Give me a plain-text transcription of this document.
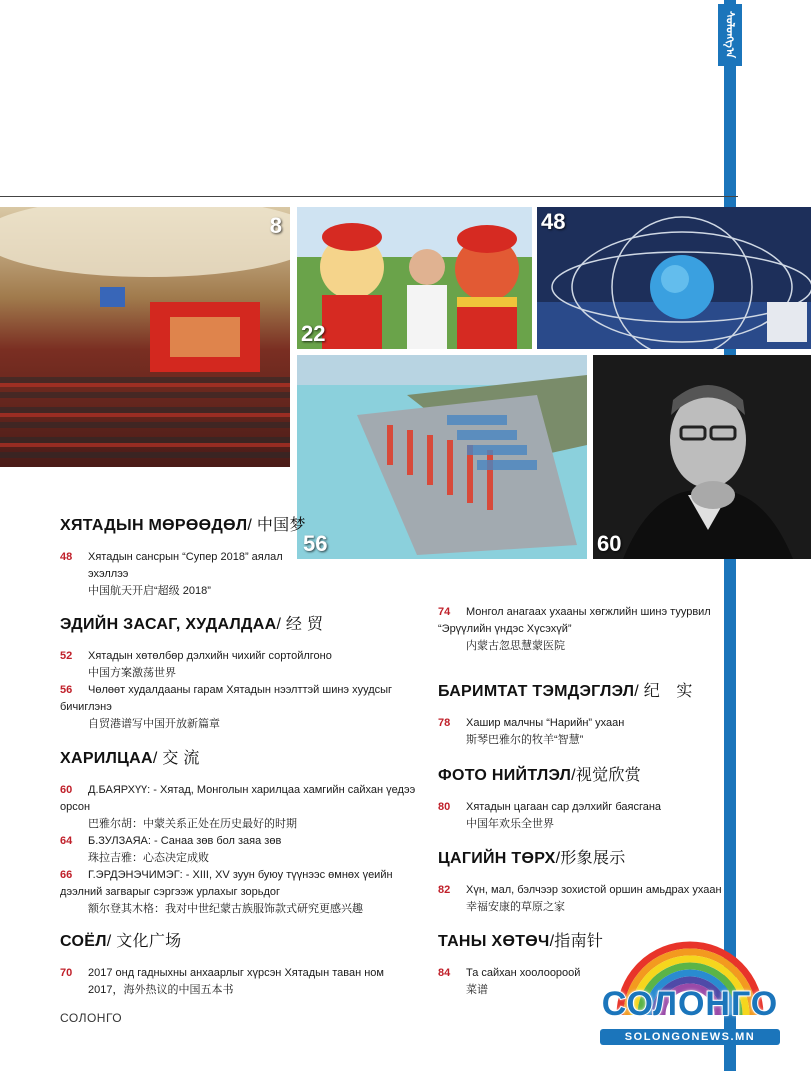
ᠰᠣᠯᠣᠩᠭ᠎ᠠ
8
22
48
56	60
ХЯТАДЫН МӨРӨӨДӨЛ/ 中国梦
48	Хятадын сансрын “Супер 2018” аялал эхэллээ
中国航天开启“超级 2018”
ЭДИЙН ЗАСАГ, ХУДАЛДАА/ 经 贸
52	Хятадын хөтөлбөр дэлхийн чихийг сортойлгоно
中国方案激荡世界
56	Чөлөөт худалдааны гарам Хятадын нээлттэй шинэ хуудсыг бичиглэнэ
自贸港谱写中国开放新篇章
ХАРИЛЦАА/ 交 流
60	Д.БАЯРХҮҮ: - Хятад, Монголын харилцаа хамгийн сайхан үедээ орсон
巴雅尔胡：中蒙关系正处在历史最好的时期
64	Б.ЗУЛЗАЯА: - Санаа зөв бол заяа зөв
珠拉吉雅：心态决定成败
66	Г.ЭРДЭНЭЧИМЭГ: - XIII, XV зуун буюу түүнээс өмнөх үеийн дээлний загварыг сэргээж урлахыг зорьдог
额尔登其木格：我对中世纪蒙古族服饰款式研究更感兴趣
СОЁЛ/ 文化广场
70	2017 онд гадныхны анхаарлыг хүрсэн Хятадын таван ном
2017，海外热议的中国五本书
74	Монгол анагаах ухааны хөгжлийн шинэ туурвил “Эрүүлийн үндэс Хүсэхүй”
内蒙古忽思慧蒙医院
БАРИМТАТ ТЭМДЭГЛЭЛ/ 纪　实
78	Хашир малчны “Нарийн” ухаан
斯琴巴雅尔的牧羊“智慧”
ФОТО НИЙТЛЭЛ/视觉欣赏
80	Хятадын цагаан сар дэлхийг баясгана
中国年欢乐全世界
ЦАГИЙН ТӨРХ/形象展示
82	Хүн, мал, бэлчээр зохистой оршин амьдрах ухаан
幸福安康的草原之家
ТАНЫ ХӨТӨЧ/指南针
84	Та сайхан хоолоороой
菜谱
СОЛОНГО	СОЛОНГО
SOLONGONEWS.MN
